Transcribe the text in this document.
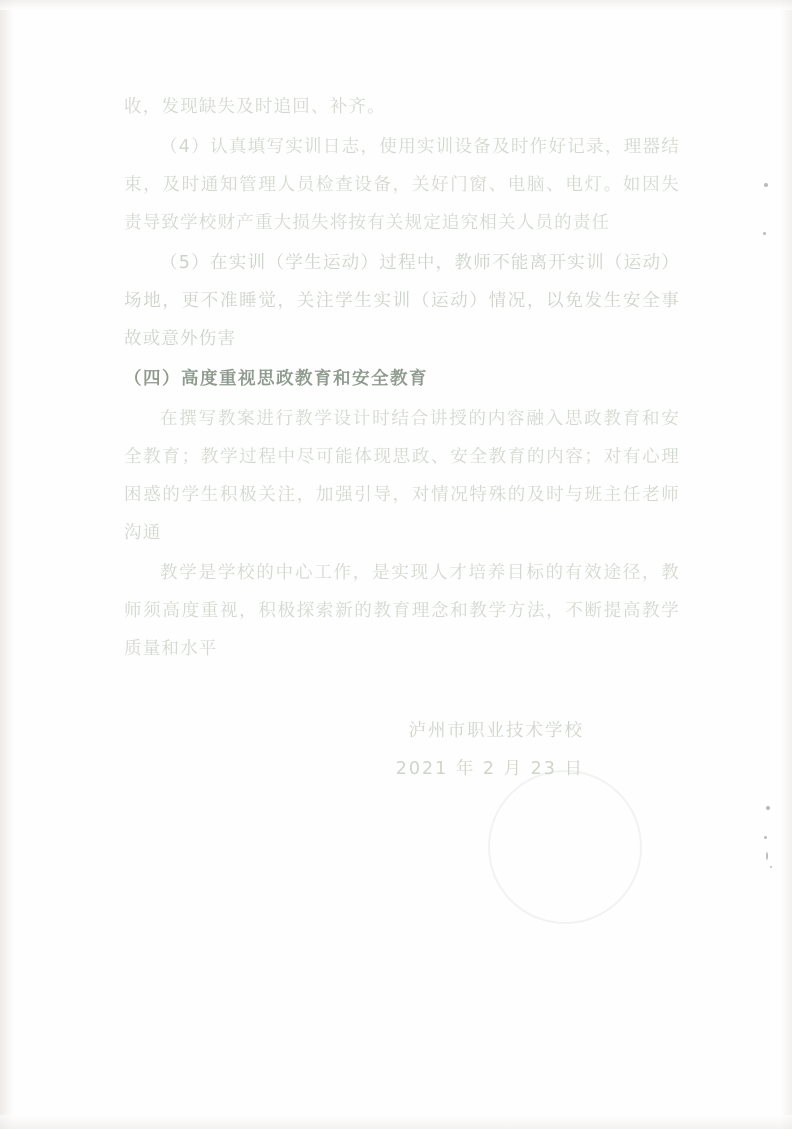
收，发现缺失及时追回、补齐。

（4）认真填写实训日志，使用实训设备及时作好记录，理器结束，及时通知管理人员检查设备，关好门窗、电脑、电灯。如因失责导致学校财产重大损失将按有关规定追究相关人员的责任

（5）在实训（学生运动）过程中，教师不能离开实训（运动）场地，更不准睡觉，关注学生实训（运动）情况，以免发生安全事故或意外伤害

（四）高度重视思政教育和安全教育

在撰写教案进行教学设计时结合讲授的内容融入思政教育和安全教育；教学过程中尽可能体现思政、安全教育的内容；对有心理困惑的学生积极关注，加强引导，对情况特殊的及时与班主任老师沟通

教学是学校的中心工作，是实现人才培养目标的有效途径，教师须高度重视，积极探索新的教育理念和教学方法，不断提高教学质量和水平

泸州市职业技术学校
2021 年 2 月 23 日
